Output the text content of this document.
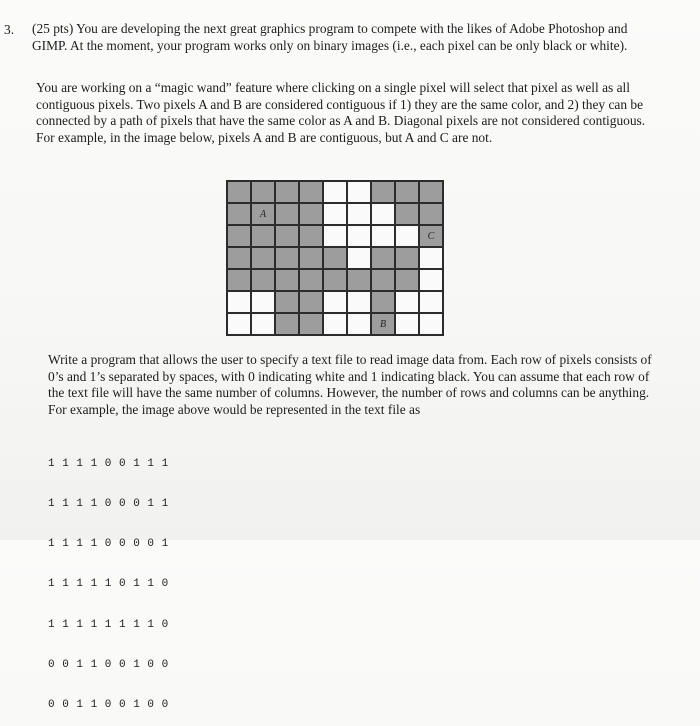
3. (25 pts) You are developing the next great graphics program to compete with the likes of Adobe Photoshop and
GIMP. At the moment, your program works only on binary images (i.e., each pixel can be only black or white).
You are working on a “magic wand” feature where clicking on a single pixel will select that pixel as well as all
contiguous pixels. Two pixels A and B are considered contiguous if 1) they are the same color, and 2) they can be
connected by a path of pixels that have the same color as A and B. Diagonal pixels are not considered contiguous.
For example, in the image below, pixels A and B are contiguous, but A and C are not.

	A							
								C

						B		
Write a program that allows the user to specify a text file to read image data from. Each row of pixels consists of
0’s and 1’s separated by spaces, with 0 indicating white and 1 indicating black. You can assume that each row of
the text file will have the same number of columns. However, the number of rows and columns can be anything.
For example, the image above would be represented in the text file as

1 1 1 1 0 0 1 1 1

1 1 1 1 0 0 0 1 1

1 1 1 1 0 0 0 0 1

1 1 1 1 1 0 1 1 0

1 1 1 1 1 1 1 1 0

0 0 1 1 0 0 1 0 0

0 0 1 1 0 0 1 0 0
